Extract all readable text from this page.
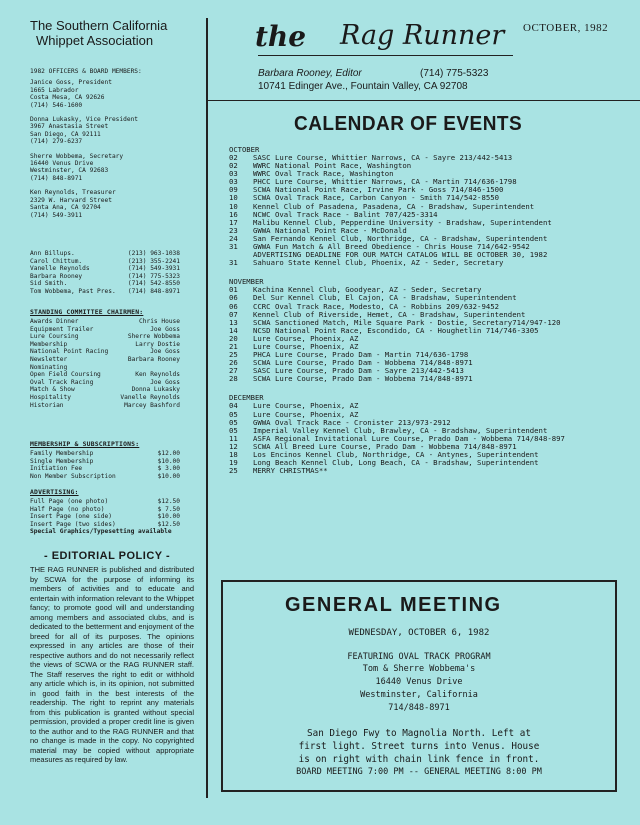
The Southern California
Whippet Association
1982 OFFICERS & BOARD MEMBERS:
Janice Goss, President
1665 Labrador
Costa Mesa, CA 92626
(714) 546-1600
Donna Lukasky, Vice President
3967 Anastasia Street
San Diego, CA 92111
(714) 279-6237
Sherre Wobbema, Secretary
16440 Venus Drive
Westminster, CA 92683
(714) 848-8971
Ken Reynolds, Treasurer
2329 W. Harvard Street
Santa Ana, CA 92704
(714) 549-3911
Ann Billups.	(213) 963-1038
Carol Chittum.	(213) 355-2241
Vanelle Reynolds	(714) 549-3931
Barbara Rooney	(714) 775-5323
Sid Smith.	(714) 542-8550
Tom Wobbema, Past Pres. (714) 848-8971
STANDING COMMITTEE CHAIRMEN:
Awards Dinner	Chris House
Equipment Trailer	Joe Goss
Lure Coursing	Sherre Wobbema
Membership	Larry Dostie
National Point Racing	Joe Goss
Newsletter	Barbara Rooney
Nominating
Open Field Coursing	Ken Reynolds
Oval Track Racing	Joe Goss
Match & Show	Donna Lukasky
Hospitality	Vanelle Reynolds
Historian	Marcey Bashford
MEMBERSHIP & SUBSCRIPTIONS:
Family Membership	$12.00
Single Membership	$10.00
Initiation Fee	$ 3.00
Non Member Subscription	$10.00
ADVERTISING:
Full Page (one photo)	$12.50
Half Page (no photo)	$ 7.50
Insert Page (one side)	$10.00
Insert Page (two sides)	$12.50
Special Graphics/Typesetting available
- EDITORIAL POLICY -
THE RAG RUNNER is published and distributed by SCWA for the purpose of informing its members of activities and to educate and entertain with information relevant to the Whippet fancy; to promote good will and understanding among members and associated clubs, and is dedicated to the betterment and enjoyment of the breed for all of its purposes. The opinions expressed in any articles are those of their respective authors and do not necessarily reflect the views of SCWA or the RAG RUNNER staff. The Staff reserves the right to edit or withhold any article which is, in its opinion, not submitted in good faith in the best interests of the readership. The right to reprint any materials from this publication is granted without special permission, provided a proper credit line is given to the author and to the RAG RUNNER and that no change is made in the copy. No copyrighted material may be copied without appropriate measures as required by law.
the Rag Runner OCTOBER, 1982
Barbara Rooney, Editor	(714) 775-5323
10741 Edinger Ave., Fountain Valley, CA 92708
CALENDAR OF EVENTS
OCTOBER
02	SASC Lure Course, Whittier Narrows, CA - Sayre 213/442-5413
02	WWRC National Point Race, Washington
03	WWRC Oval Track Race, Washington
03	PHCC Lure Course, Whittier Narrows, CA - Martin 714/636-1798
09	SCWA National Point Race, Irvine Park - Goss 714/846-1500
10	SCWA Oval Track Race, Carbon Canyon - Smith 714/542-8550
10	Kennel Club of Pasadena, Pasadena, CA - Bradshaw, Superintendent
16	NCWC Oval Track Race - Balint 707/425-3314
17	Malibu Kennel Club, Pepperdine University - Bradshaw, Superintendent
23	GWWA National Point Race - McDonald
24	San Fernando Kennel Club, Northridge, CA - Bradshaw, Superintendent
31	GWWA Fun Match & All Breed Obedience - Chris House 714/642-9542
ADVERTISING DEADLINE FOR OUR MATCH CATALOG WILL BE OCTOBER 30, 1982
31	Sahuaro State Kennel Club, Phoenix, AZ - Seder, Secretary
NOVEMBER
01	Kachina Kennel Club, Goodyear, AZ - Seder, Secretary
06	Del Sur Kennel Club, El Cajon, CA - Bradshaw, Superintendent
06	CCRC Oval Track Race, Modesto, CA - Robbins 209/632-9452
07	Kennel Club of Riverside, Hemet, CA - Bradshaw, Superintendent
13	SCWA Sanctioned Match, Mile Square Park - Dostie, Secretary714/947-120
14	NCSD National Point Race, Escondido, CA - Houghetlin 714/746-3305
20	Lure Course, Phoenix, AZ
21	Lure Course, Phoenix, AZ
25	PHCA Lure Course, Prado Dam - Martin 714/636-1798
26	SCWA Lure Course, Prado Dam - Wobbema 714/848-8971
27	SASC Lure Course, Prado Dam - Sayre 213/442-5413
28	SCWA Lure Course, Prado Dam - Wobbema 714/848-8971
DECEMBER
04	Lure Course, Phoenix, AZ
05	Lure Course, Phoenix, AZ
05	GWWA Oval Track Race - Cronister 213/973-2912
05	Imperial Valley Kennel Club, Brawley, CA - Bradshaw, Superintendent
11	ASFA Regional Invitational Lure Course, Prado Dam - Wobbema 714/848-897
12	SCWA All Breed Lure Course, Prado Dam - Wobbema 714/848-8971
18	Los Encinos Kennel Club, Northridge, CA - Antynes, Superintendent
19	Long Beach Kennel Club, Long Beach, CA - Bradshaw, Superintendent
25	MERRY CHRISTMAS**
GENERAL MEETING
WEDNESDAY, OCTOBER 6, 1982
FEATURING OVAL TRACK PROGRAM
Tom & Sherre Wobbema's
16440 Venus Drive
Westminster, California
714/848-8971
San Diego Fwy to Magnolia North. Left at
first light. Street turns into Venus. House
is on right with chain link fence in front.
BOARD MEETING 7:00 PM -- GENERAL MEETING 8:00 PM
